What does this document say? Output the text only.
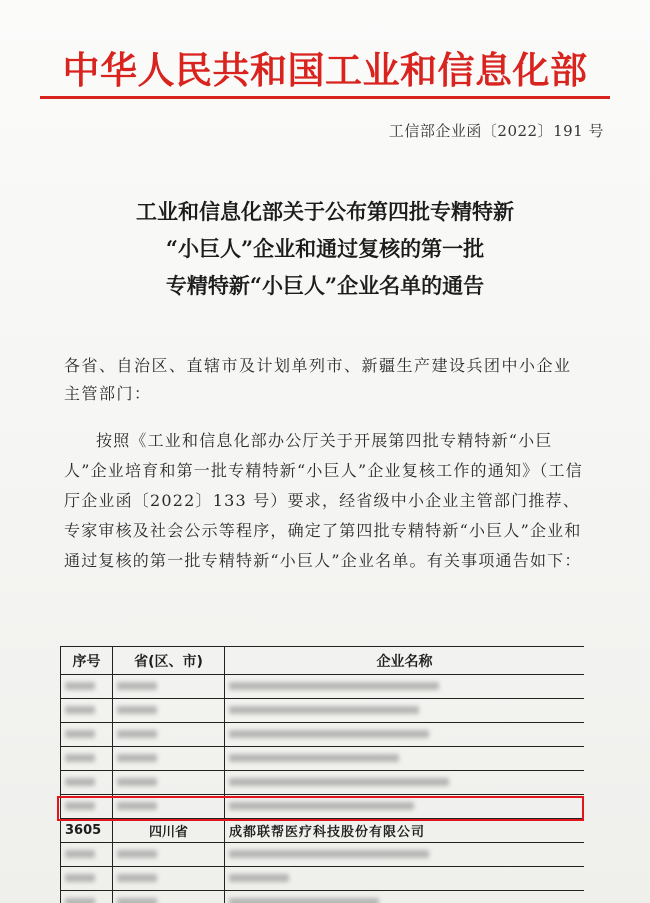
中华人民共和国工业和信息化部
工信部企业函〔2022〕191 号
工业和信息化部关于公布第四批专精特新
“小巨人”企业和通过复核的第一批
专精特新“小巨人”企业名单的通告
各省、自治区、直辖市及计划单列市、新疆生产建设兵团中小企业主管部门：
按照《工业和信息化部办公厅关于开展第四批专精特新“小巨人”企业培育和第一批专精特新“小巨人”企业复核工作的通知》（工信厅企业函〔2022〕133 号）要求，经省级中小企业主管部门推荐、专家审核及社会公示等程序，确定了第四批专精特新“小巨人”企业和通过复核的第一批专精特新“小巨人”企业名单。有关事项通告如下：
序号	省(区、市)	企业名称

3605	四川省	成都联帮医疗科技股份有限公司
